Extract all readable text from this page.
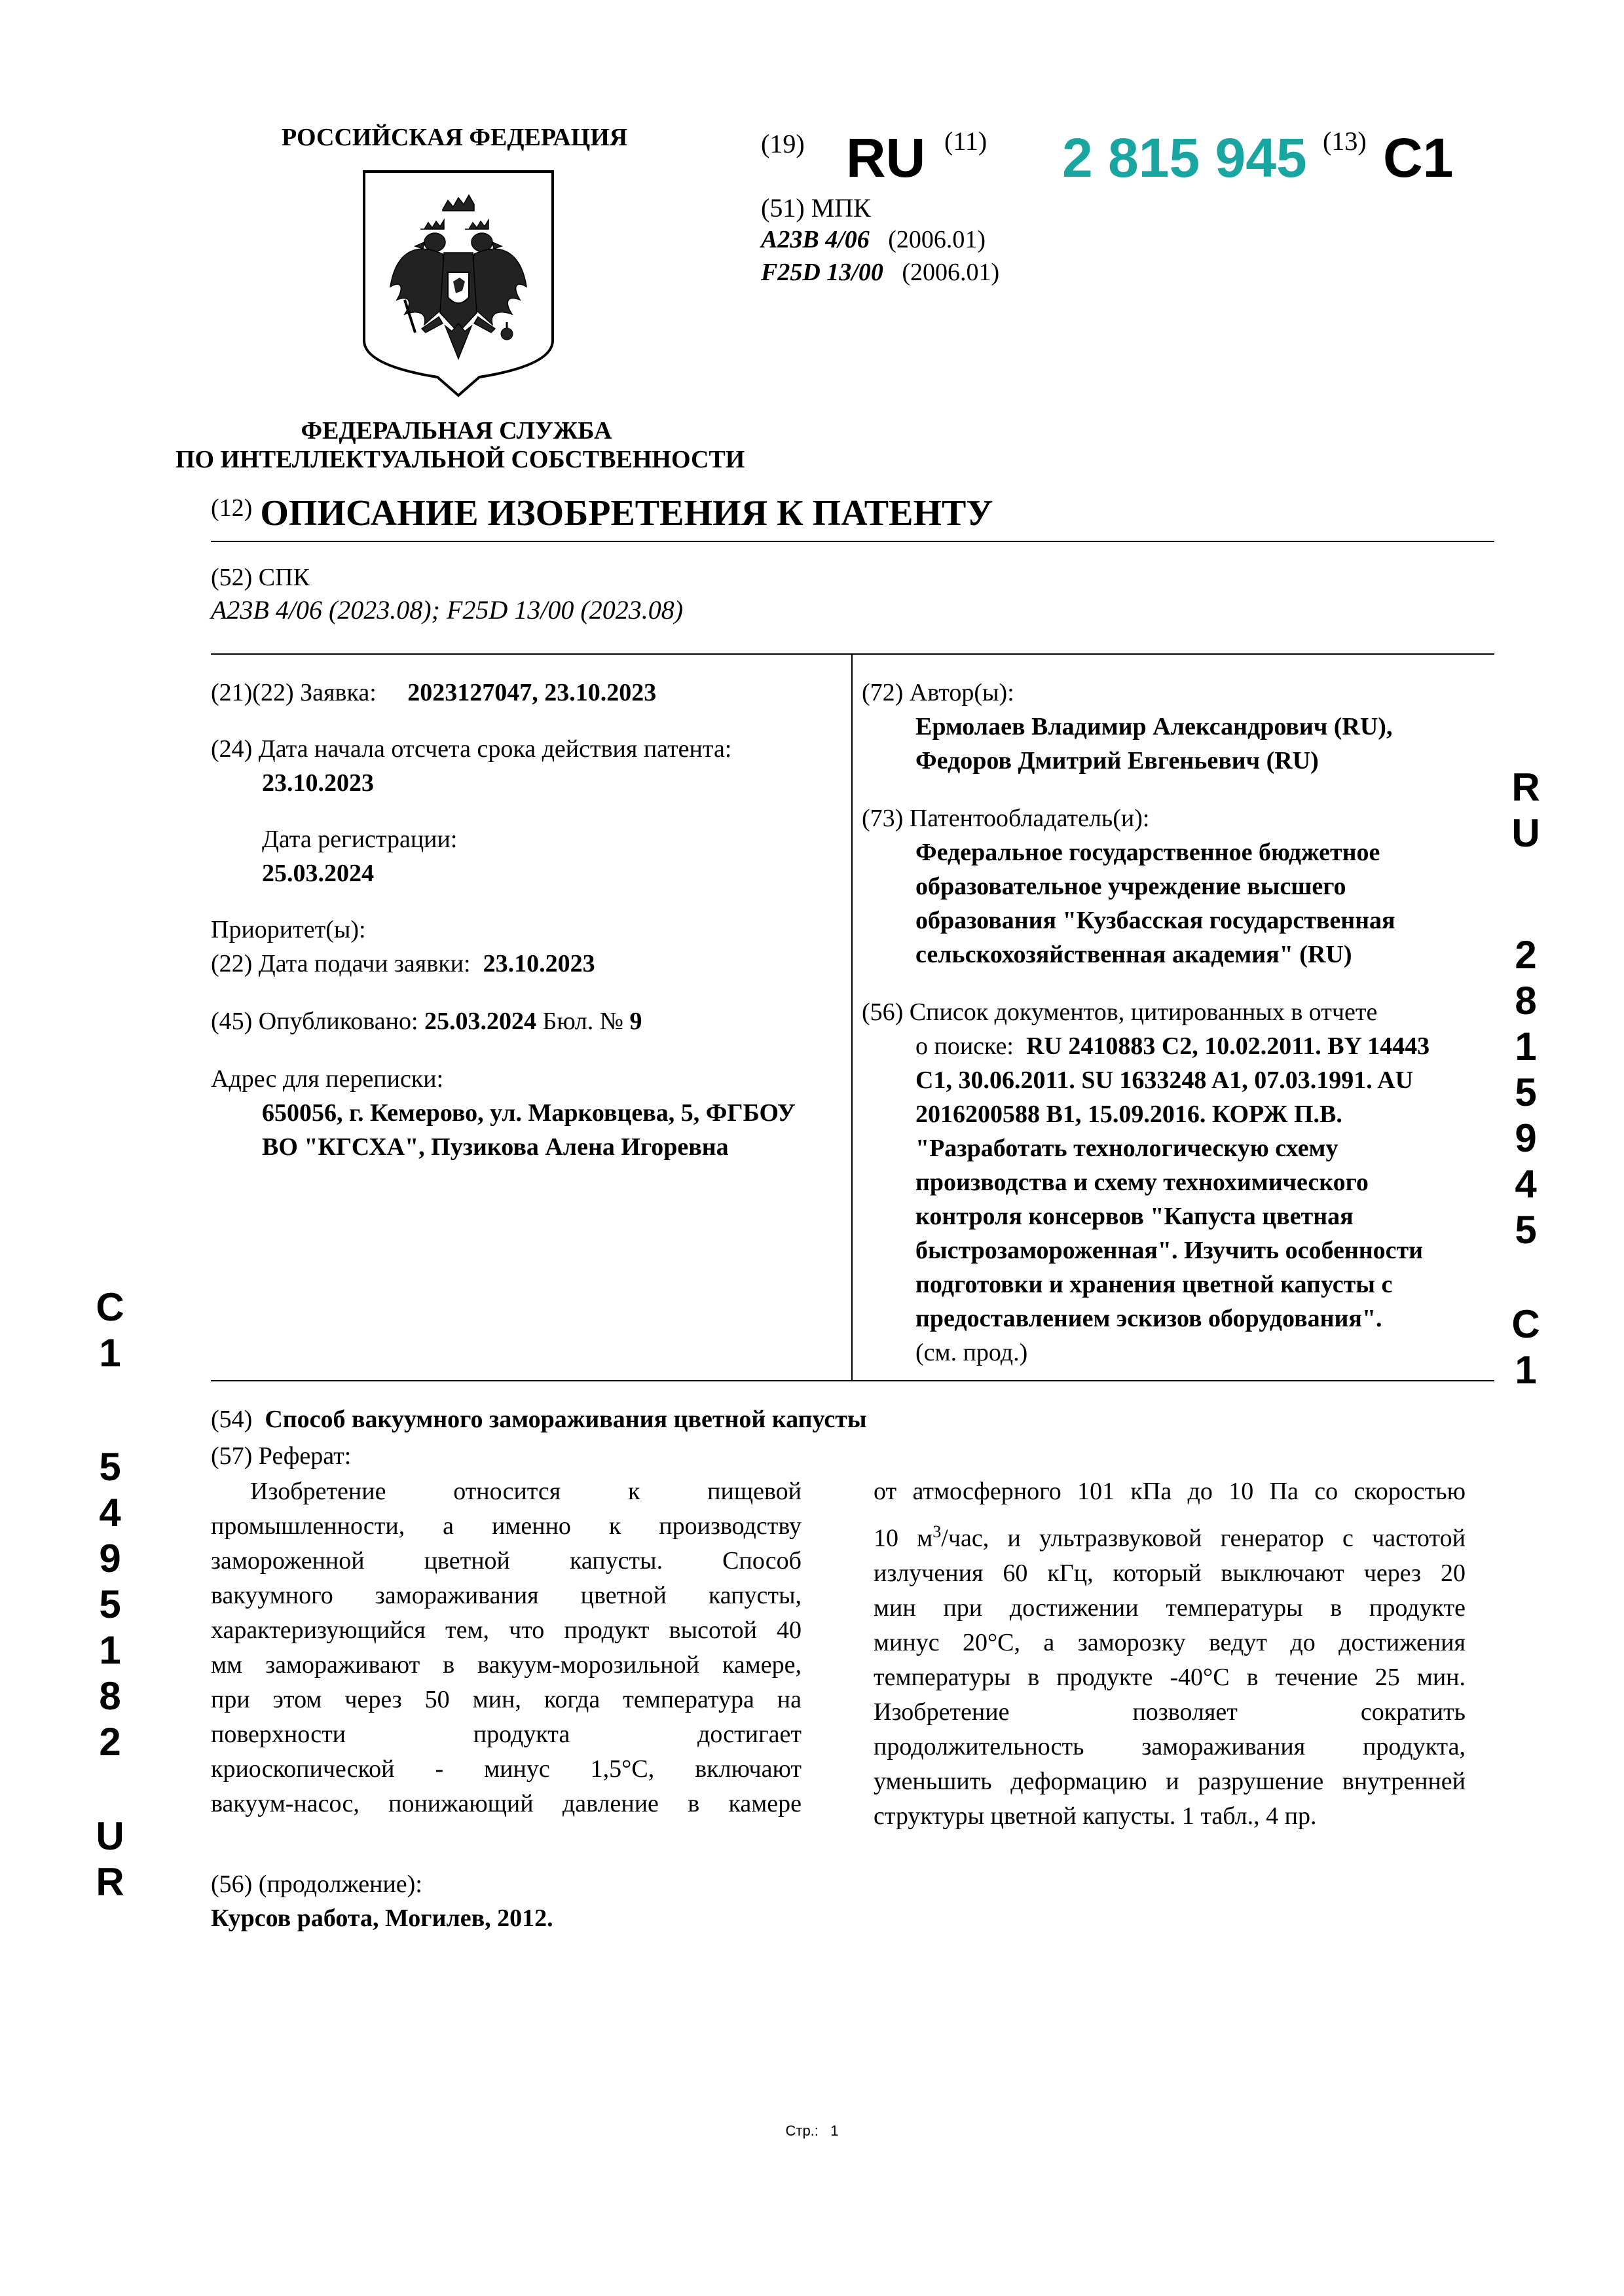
РОССИЙСКАЯ ФЕДЕРАЦИЯ
ФЕДЕРАЛЬНАЯ СЛУЖБА
ПО ИНТЕЛЛЕКТУАЛЬНОЙ СОБСТВЕННОСТИ
(19) RU (11) 2 815 945 (13) C1
(51) МПК
A23B 4/06 (2006.01)
F25D 13/00 (2006.01)
$^{(12)}$ ОПИСАНИЕ ИЗОБРЕТЕНИЯ К ПАТЕНТУ
(52) СПК
A23B 4/06 (2023.08); F25D 13/00 (2023.08)
(21)(22) Заявка: 2023127047, 23.10.2023
(24) Дата начала отсчета срока действия патента:
23.10.2023
Дата регистрации:
25.03.2024
Приоритет(ы):
(22) Дата подачи заявки: 23.10.2023
(45) Опубликовано: 25.03.2024 Бюл. № 9
Адрес для переписки:
650056, г. Кемерово, ул. Марковцева, 5, ФГБОУ
ВО "КГСХА", Пузикова Алена Игоревна
(72) Автор(ы):
Ермолаев Владимир Александрович (RU),
Федоров Дмитрий Евгеньевич (RU)
(73) Патентообладатель(и):
Федеральное государственное бюджетное
образовательное учреждение высшего
образования "Кузбасская государственная
сельскохозяйственная академия" (RU)
(56) Список документов, цитированных в отчете
о поиске: RU 2410883 C2, 10.02.2011. BY 14443
C1, 30.06.2011. SU 1633248 A1, 07.03.1991. AU
2016200588 B1, 15.09.2016. КОРЖ П.В.
"Разработать технологическую схему
производства и схему технохимического
контроля консервов "Капуста цветная
быстрозамороженная". Изучить особенности
подготовки и хранения цветной капусты с
предоставлением эскизов оборудования".
(см. прод.)
(54) Способ вакуумного замораживания цветной капусты
(57) Реферат:
Изобретение относится к пищевой
промышленности, а именно к производству
замороженной цветной капусты. Способ
вакуумного замораживания цветной капусты,
характеризующийся тем, что продукт высотой 40
мм замораживают в вакуум-морозильной камере,
при этом через 50 мин, когда температура на
поверхности продукта достигает
криоскопической - минус 1,5°С, включают
вакуум-насос, понижающий давление в камере
от атмосферного 101 кПа до 10 Па со скоростью
10 $м^3$/час, и ультразвуковой генератор с частотой
излучения 60 кГц, который выключают через 20
мин при достижении температуры в продукте
минус 20°С, а заморозку ведут до достижения
температуры в продукте -40°С в течение 25 мин.
Изобретение позволяет сократить
продолжительность замораживания продукта,
уменьшить деформацию и разрушение внутренней
структуры цветной капусты. 1 табл., 4 пр.
(56) (продолжение):
Курсов работа, Могилев, 2012.
R
U
2
8
1
5
9
4
5
C
1
C
1
5
4
9
5
1
8
2
U
R
Стр.: 1
